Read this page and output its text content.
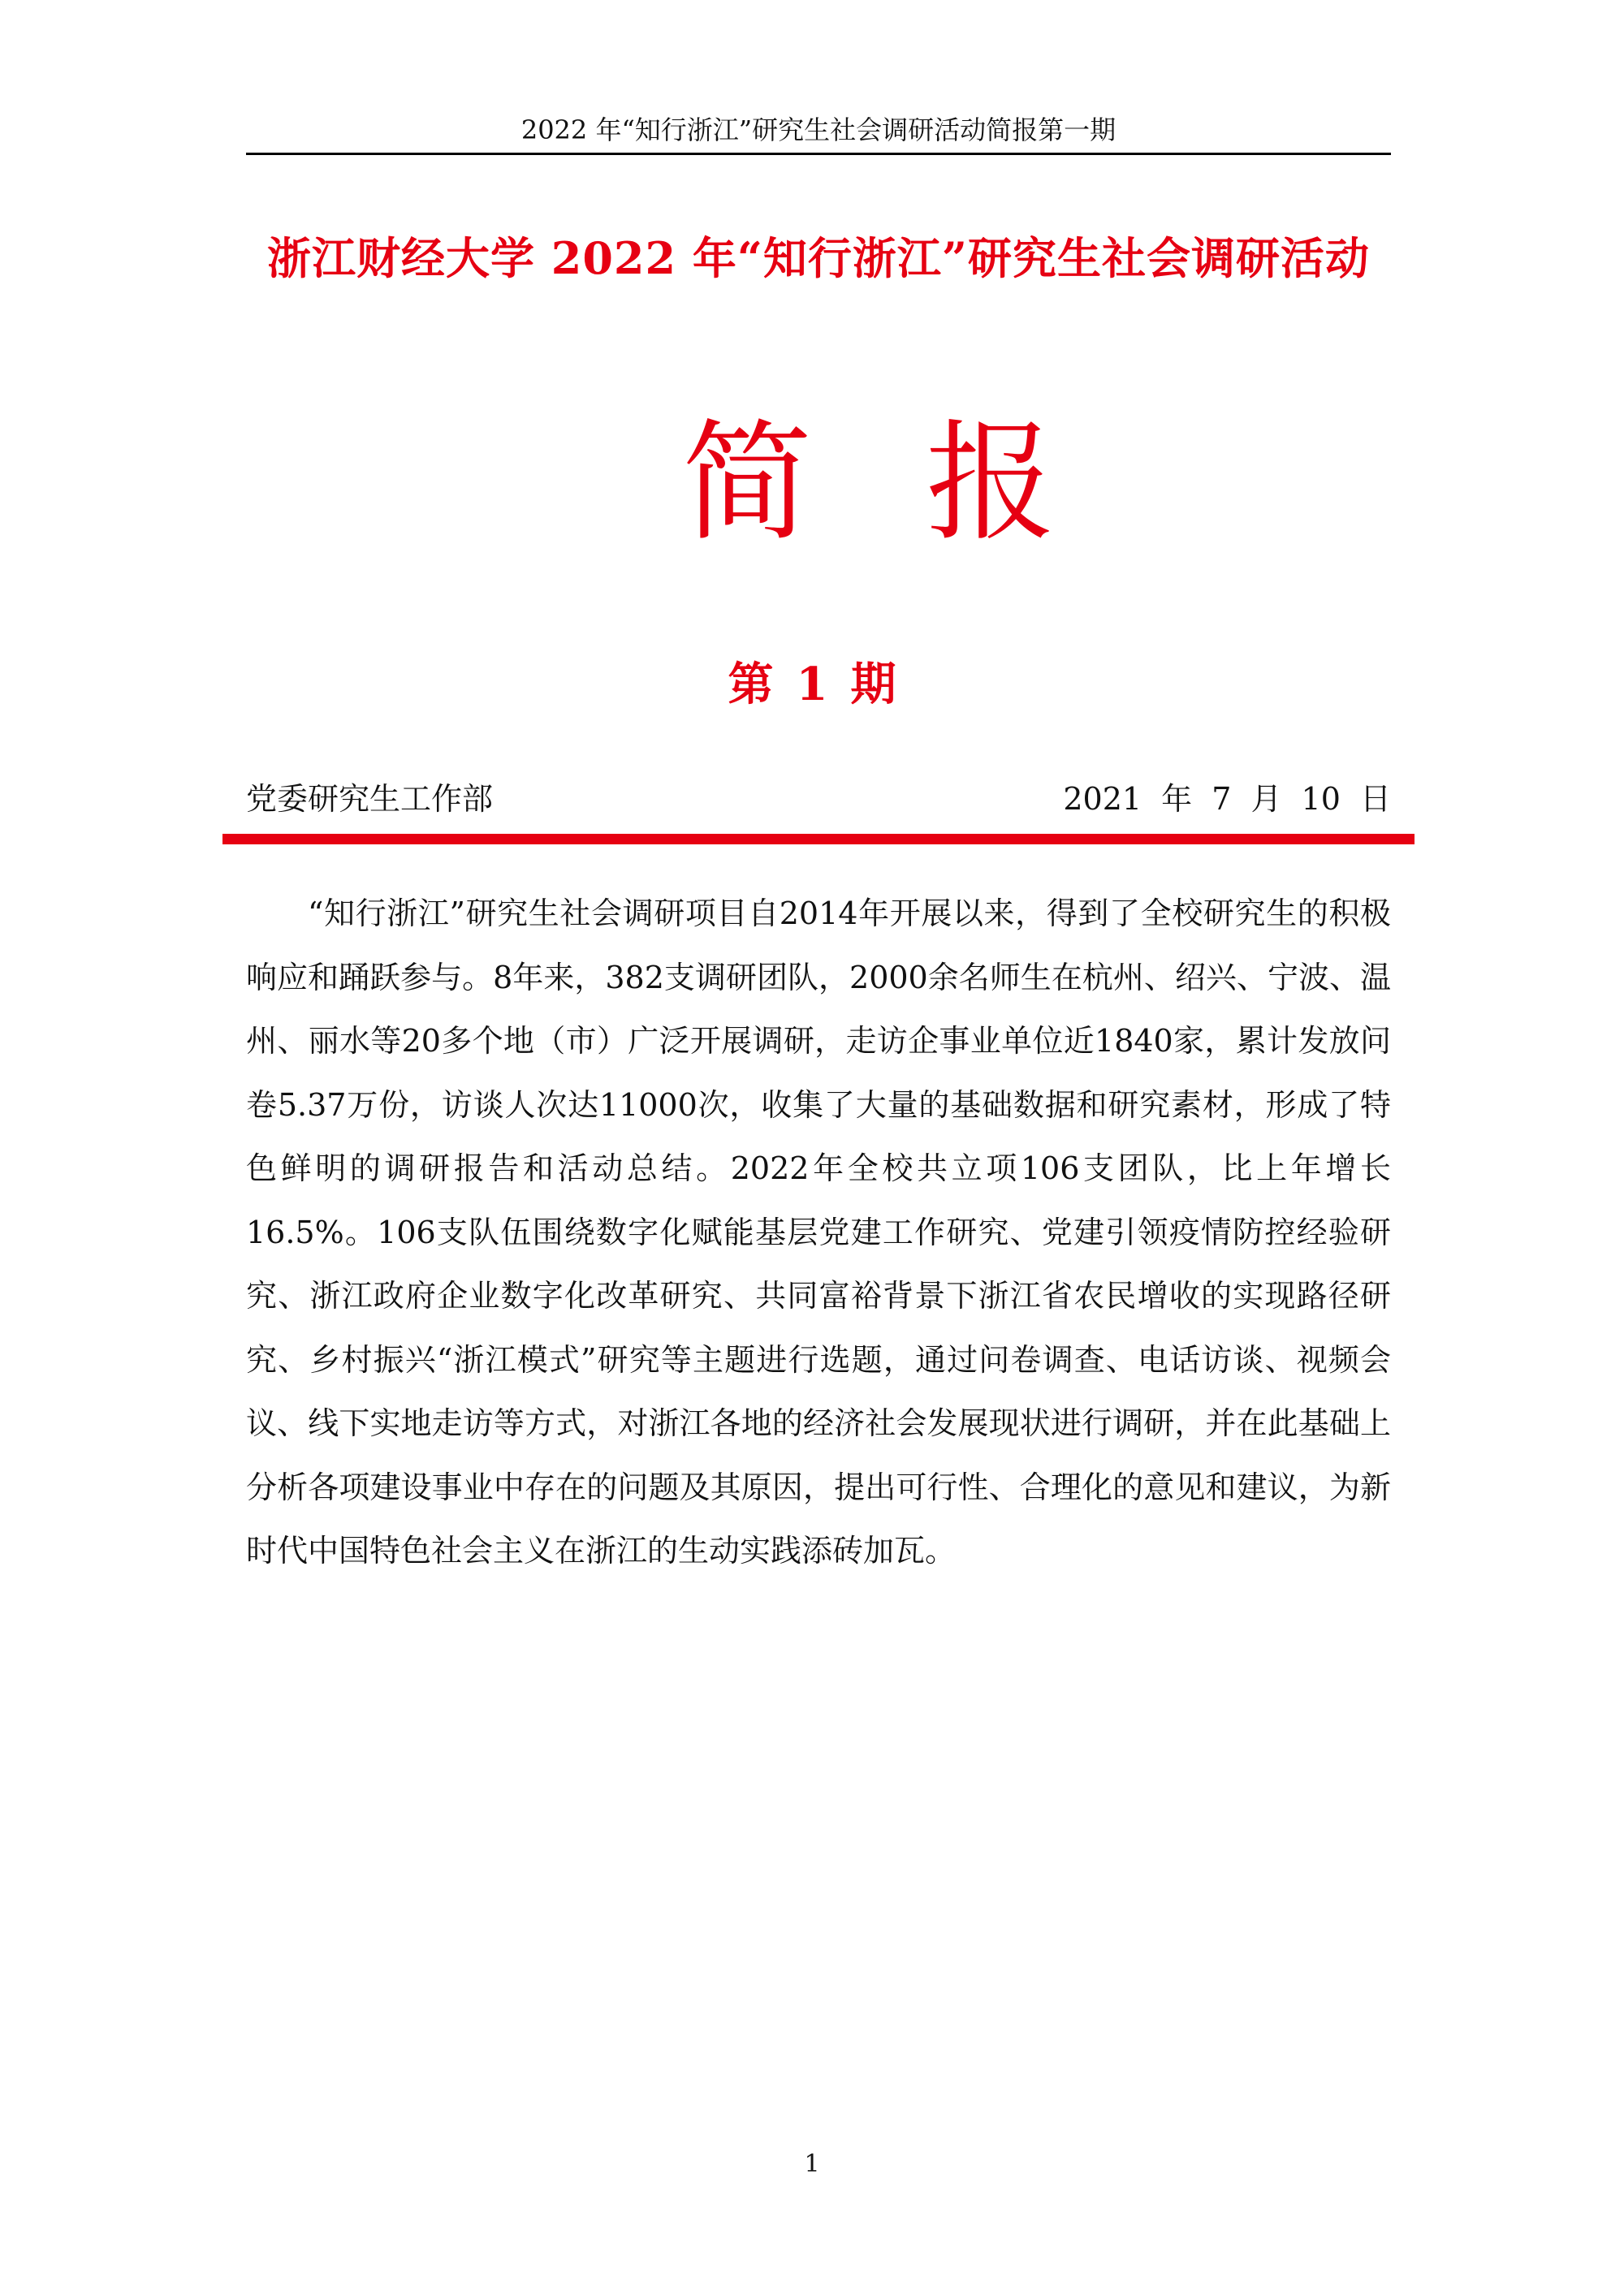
2022 年“知行浙江”研究生社会调研活动简报第一期
浙江财经大学 2022 年“知行浙江”研究生社会调研活动
简报
第 1 期
党委研究生工作部	2021 年 7 月 10 日

“知行浙江”研究生社会调研项目自2014年开展以来，得到了全校研究生的积极响应和踊跃参与。8年来，382支调研团队，2000余名师生在杭州、绍兴、宁波、温州、丽水等20多个地（市）广泛开展调研，走访企事业单位近1840家，累计发放问卷5.37万份，访谈人次达11000次，收集了大量的基础数据和研究素材，形成了特色鲜明的调研报告和活动总结。2022年全校共立项106支团队，比上年增长16.5%。106支队伍围绕数字化赋能基层党建工作研究、党建引领疫情防控经验研究、浙江政府企业数字化改革研究、共同富裕背景下浙江省农民增收的实现路径研究、乡村振兴“浙江模式”研究等主题进行选题，通过问卷调查、电话访谈、视频会议、线下实地走访等方式，对浙江各地的经济社会发展现状进行调研，并在此基础上分析各项建设事业中存在的问题及其原因，提出可行性、合理化的意见和建议，为新时代中国特色社会主义在浙江的生动实践添砖加瓦。

1
